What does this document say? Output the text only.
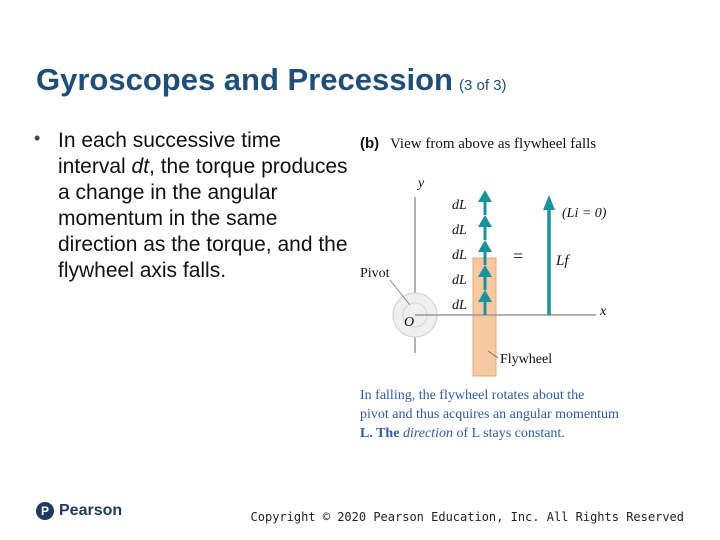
Gyroscopes and Precession (3 of 3)
• In each successive time interval dt, the torque produces a change in the angular momentum in the same direction as the torque, and the flywheel axis falls.
(b) View from above as flywheel falls
y
Pivot
O
x
dL
dL
dL
dL
dL
=
(Li = 0)
Lf
Flywheel
In falling, the flywheel rotates about the
pivot and thus acquires an angular momentum
L. The direction of L stays constant.
P Pearson	Copyright © 2020 Pearson Education, Inc. All Rights Reserved
